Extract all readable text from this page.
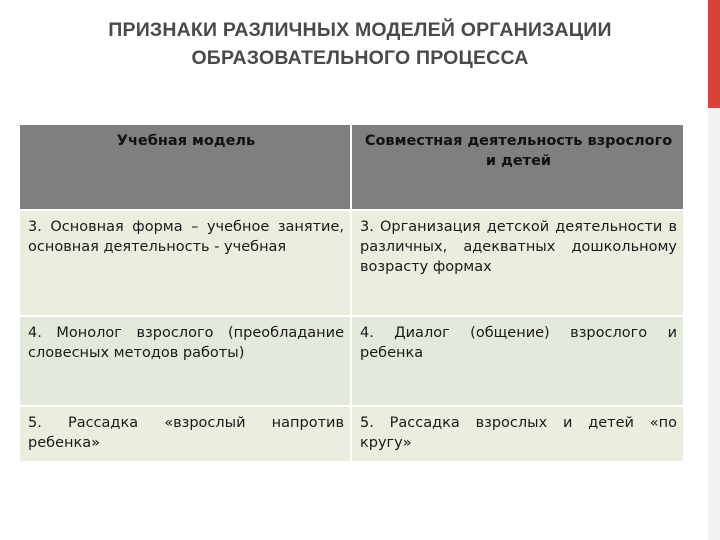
ПРИЗНАКИ РАЗЛИЧНЫХ МОДЕЛЕЙ ОРГАНИЗАЦИИ
ОБРАЗОВАТЕЛЬНОГО ПРОЦЕССА
Учебная модель	Совместная деятельность взрослого и детей
3. Основная форма – учебное занятие, основная деятельность - учебная	3. Организация детской деятельности в различных, адекватных дошкольному возрасту формах
4. Монолог взрослого (преобладание словесных методов работы)	4. Диалог (общение) взрослого и ребенка
5. Рассадка «взрослый напротив ребенка»	5. Рассадка взрослых и детей «по кругу»
